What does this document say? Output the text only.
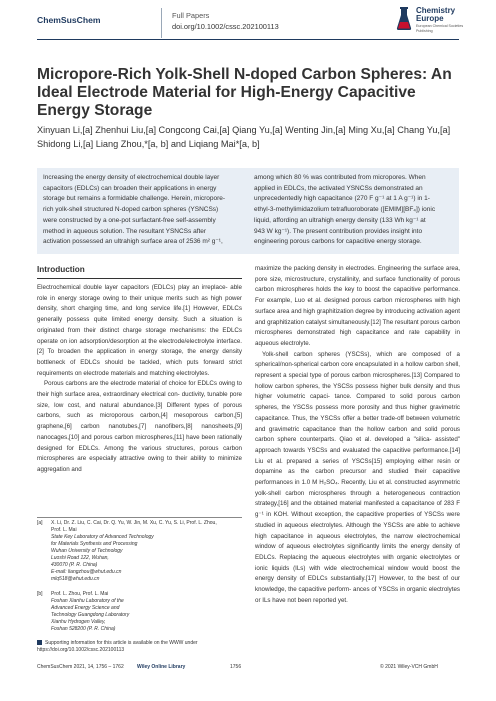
ChemSusChem	Full Papers
doi.org/10.1002/cssc.202100113
Chemistry
Europe
European Chemical Societies Publishing
Micropore-Rich Yolk-Shell N-doped Carbon Spheres: An Ideal Electrode Material for High-Energy Capacitive Energy Storage
Xinyuan Li,[a] Zhenhui Liu,[a] Congcong Cai,[a] Qiang Yu,[a] Wenting Jin,[a] Ming Xu,[a] Chang Yu,[a] Shidong Li,[a] Liang Zhou,*[a, b] and Liqiang Mai*[a, b]
Increasing the energy density of electrochemical double layer
capacitors (EDLCs) can broaden their applications in energy
storage but remains a formidable challenge. Herein, micropore-
rich yolk-shell structured N-doped carbon spheres (YSNCSs)
were constructed by a one-pot surfactant-free self-assembly
method in aqueous solution. The resultant YSNCSs after
activation possessed an ultrahigh surface area of 2536 m² g⁻¹,
among which 80 % was contributed from micropores. When
applied in EDLCs, the activated YSNCSs demonstrated an
unprecedentedly high capacitance (270 F g⁻¹ at 1 A g⁻¹) in 1-
ethyl-3-methylimidazolium tetrafluoroborate ([EMIM][BF₄]) ionic
liquid, affording an ultrahigh energy density (133 Wh kg⁻¹ at
943 W kg⁻¹). The present contribution provides insight into
engineering porous carbons for capacitive energy storage.
Introduction

Electrochemical double layer capacitors (EDLCs) play an irreplace- able role in energy storage owing to their unique merits such as high power density, short charging time, and long service life.[1] However, EDLCs generally possess quite limited energy density. Such a situation is originated from their distinct charge storage mechanisms: the EDLCs operate on ion adsorption/desorption at the electrode/electrolyte interface.[2] To broaden the application in energy storage, the energy density bottleneck of EDLCs should be tackled, which puts forward strict requirements on electrode materials and matching electrolytes.

Porous carbons are the electrode material of choice for EDLCs owing to their high surface area, extraordinary electrical con- ductivity, tunable pore size, low cost, and natural abundance.[3] Different types of porous carbons, such as microporous carbon,[4] mesoporous carbon,[5] graphene,[6] carbon nanotubes,[7] nanofibers,[8] nanosheets,[9] nanocages,[10] and porous carbon microspheres,[11] have been rationally designed for EDLCs. Among the various structures, porous carbon microspheres are especially attractive owing to their ability to minimize aggregation and

maximize the packing density in electrodes. Engineering the surface area, pore size, microstructure, crystallinity, and surface functionality of porous carbon microspheres holds the key to boost the capacitive performance. For example, Luo et al. designed porous carbon microspheres with high surface area and high graphitization degree by introducing activation agent and graphitization catalyst simultaneously.[12] The resultant porous carbon microspheres demonstrated high capacitance and rate capability in aqueous electrolyte.

Yolk-shell carbon spheres (YSCSs), which are composed of a spherical/non-spherical carbon core encapsulated in a hollow carbon shell, represent a special type of porous carbon microspheres.[13] Compared to hollow carbon spheres, the YSCSs possess higher bulk density and thus higher volumetric capaci- tance. Compared to solid porous carbon spheres, the YSCSs possess more porosity and thus higher gravimetric capacitance. Thus, the YSCSs offer a better trade-off between volumetric and gravimetric capacitance than the hollow carbon and solid porous carbon sphere counterparts. Qiao et al. developed a "silica- assisted" approach towards YSCSs and evaluated the capacitive performance.[14] Liu et al. prepared a series of YSCSs[15] employing either resin or dopamine as the carbon precursor and studied their capacitive performances in 1.0 M H₂SO₄. Recently, Liu et al. constructed asymmetric yolk-shell carbon microspheres through a heterogeneous contraction strategy,[16] and the obtained material manifested a capacitance of 283 F g⁻¹ in KOH. Without exception, the capacitive properties of YSCSs were studied in aqueous electrolytes. Although the YSCSs are able to achieve high capacitance in aqueous electrolytes, the narrow electrochemical window of aqueous electrolytes significantly limits the energy density of EDLCs. Replacing the aqueous electrolytes with organic electrolytes or ionic liquids (ILs) with wide electrochemical window would boost the energy density of EDLCs substantially.[17] However, to the best of our knowledge, the capacitive perform- ances of YSCSs in organic electrolytes or ILs have not been reported yet.

[a] X. Li, Dr. Z. Liu, C. Cai, Dr. Q. Yu, W. Jin, M. Xu, C. Yu, S. Li, Prof. L. Zhou,
Prof. L. Mai
State Key Laboratory of Advanced Technology
for Materials Synthesis and Processing
Wuhan University of Technology
Luoshi Road 122, Wuhan,
430070 (P. R. China)
E-mail: liangzhou@whut.edu.cn
mlq518@whut.edu.cn
[b] Prof. L. Zhou, Prof. L. Mai
Foshan Xianhu Laboratory of the
Advanced Energy Science and
Technology Guangdong Laboratory
Xianhu Hydrogen Valley,
Foshan 528200 (P. R. China)
Supporting information for this article is available on the WWW under
https://doi.org/10.1002/cssc.202100113
ChemSusChem 2021, 14, 1756 – 1762	Wiley Online Library	1756	© 2021 Wiley-VCH GmbH
